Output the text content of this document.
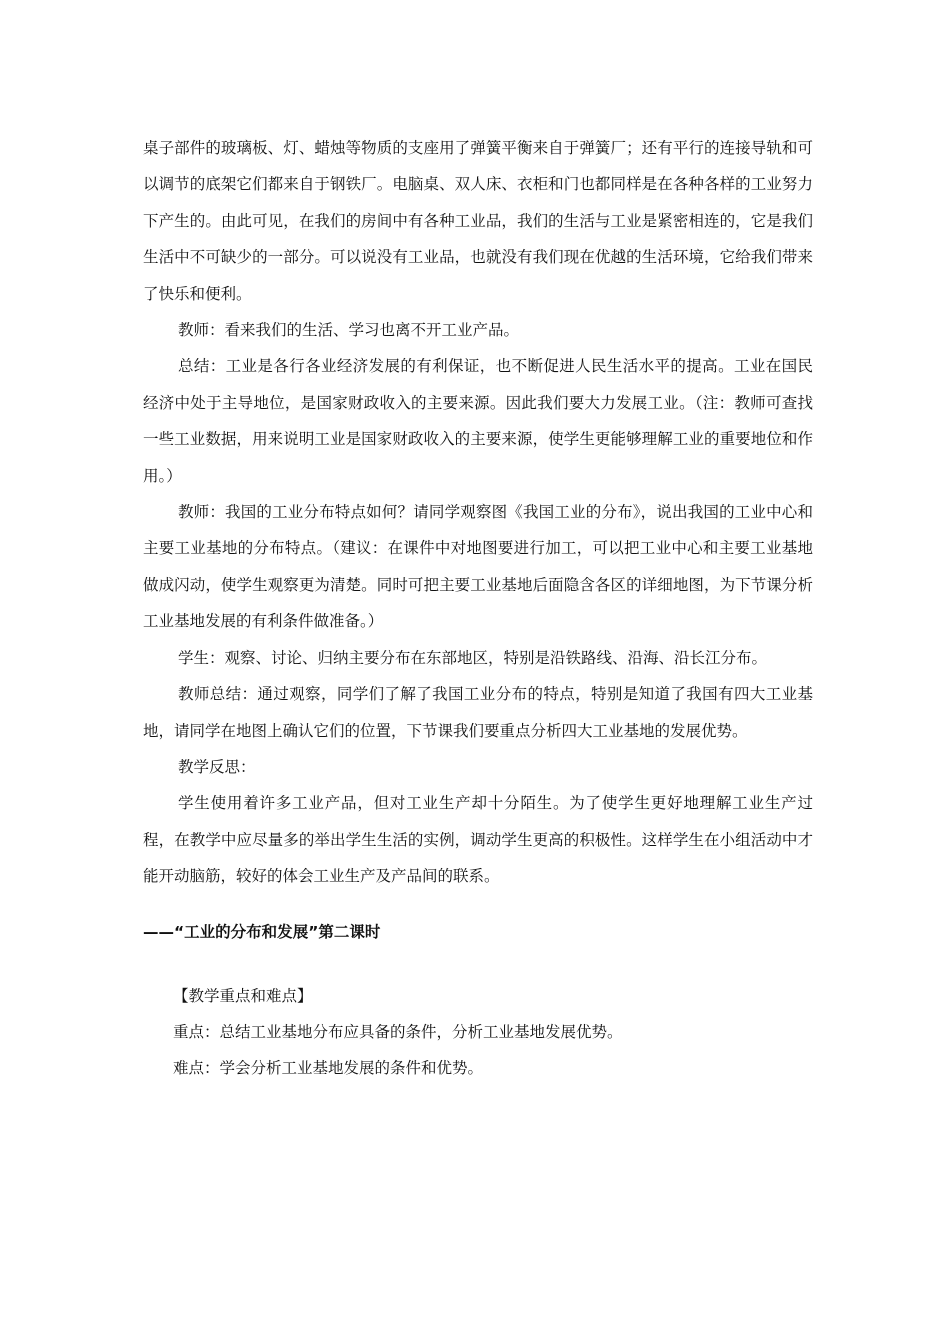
桌子部件的玻璃板、灯、蜡烛等物质的支座用了弹簧平衡来自于弹簧厂；还有平行的连接导轨和可以调节的底架它们都来自于钢铁厂。电脑桌、双人床、衣柜和门也都同样是在各种各样的工业努力下产生的。由此可见，在我们的房间中有各种工业品，我们的生活与工业是紧密相连的，它是我们生活中不可缺少的一部分。可以说没有工业品，也就没有我们现在优越的生活环境，它给我们带来了快乐和便利。

教师：看来我们的生活、学习也离不开工业产品。

总结：工业是各行各业经济发展的有利保证，也不断促进人民生活水平的提高。工业在国民经济中处于主导地位，是国家财政收入的主要来源。因此我们要大力发展工业。（注：教师可查找一些工业数据，用来说明工业是国家财政收入的主要来源，使学生更能够理解工业的重要地位和作用。）

教师：我国的工业分布特点如何？请同学观察图《我国工业的分布》，说出我国的工业中心和主要工业基地的分布特点。（建议：在课件中对地图要进行加工，可以把工业中心和主要工业基地做成闪动，使学生观察更为清楚。同时可把主要工业基地后面隐含各区的详细地图，为下节课分析工业基地发展的有利条件做准备。）

学生：观察、讨论、归纳主要分布在东部地区，特别是沿铁路线、沿海、沿长江分布。

教师总结：通过观察，同学们了解了我国工业分布的特点，特别是知道了我国有四大工业基地，请同学在地图上确认它们的位置，下节课我们要重点分析四大工业基地的发展优势。

教学反思：

学生使用着许多工业产品，但对工业生产却十分陌生。为了使学生更好地理解工业生产过程，在教学中应尽量多的举出学生生活的实例，调动学生更高的积极性。这样学生在小组活动中才能开动脑筋，较好的体会工业生产及产品间的联系。

——“工业的分布和发展”第二课时

【教学重点和难点】

重点：总结工业基地分布应具备的条件，分析工业基地发展优势。

难点：学会分析工业基地发展的条件和优势。
